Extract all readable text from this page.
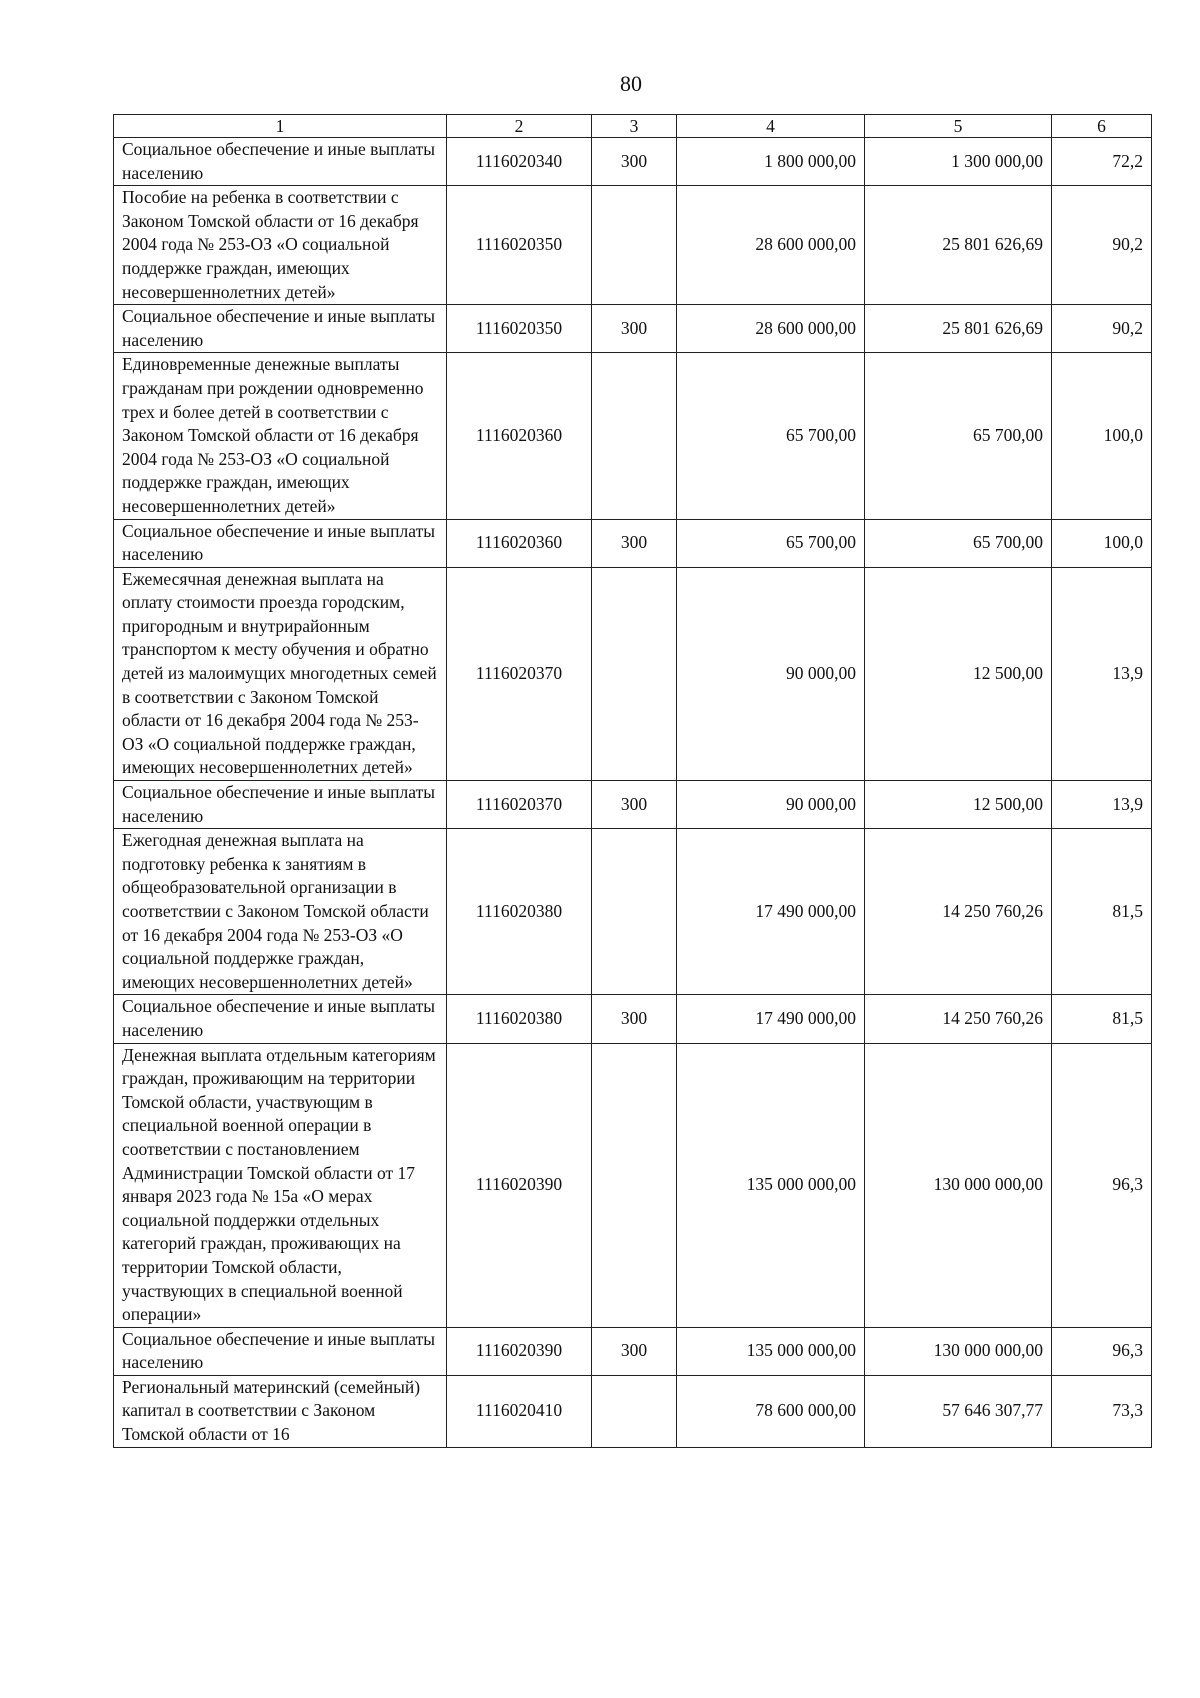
80
1	2	3	4	5	6
Социальное обеспечение и иные выплаты населению	1116020340	300	1 800 000,00	1 300 000,00	72,2
Пособие на ребенка в соответствии с Законом Томской области от 16 декабря 2004 года № 253-ОЗ «О социальной поддержке граждан, имеющих несовершеннолетних детей»	1116020350		28 600 000,00	25 801 626,69	90,2
Социальное обеспечение и иные выплаты населению	1116020350	300	28 600 000,00	25 801 626,69	90,2
Единовременные денежные выплаты гражданам при рождении одновременно трех и более детей в соответствии с Законом Томской области от 16 декабря 2004 года № 253-ОЗ «О социальной поддержке граждан, имеющих несовершеннолетних детей»	1116020360		65 700,00	65 700,00	100,0
Социальное обеспечение и иные выплаты населению	1116020360	300	65 700,00	65 700,00	100,0
Ежемесячная денежная выплата на оплату стоимости проезда городским, пригородным и внутрирайонным транспортом к месту обучения и обратно детей из малоимущих многодетных семей в соответствии с Законом Томской области от 16 декабря 2004 года № 253-ОЗ «О социальной поддержке граждан, имеющих несовершеннолетних детей»	1116020370		90 000,00	12 500,00	13,9
Социальное обеспечение и иные выплаты населению	1116020370	300	90 000,00	12 500,00	13,9
Ежегодная денежная выплата на подготовку ребенка к занятиям в общеобразовательной организации в соответствии с Законом Томской области от 16 декабря 2004 года № 253-ОЗ «О социальной поддержке граждан, имеющих несовершеннолетних детей»	1116020380		17 490 000,00	14 250 760,26	81,5
Социальное обеспечение и иные выплаты населению	1116020380	300	17 490 000,00	14 250 760,26	81,5
Денежная выплата отдельным категориям граждан, проживающим на территории Томской области, участвующим в специальной военной операции в соответствии с постановлением Администрации Томской области от 17 января 2023 года № 15а «О мерах социальной поддержки отдельных категорий граждан, проживающих на территории Томской области, участвующих в специальной военной операции»	1116020390		135 000 000,00	130 000 000,00	96,3
Социальное обеспечение и иные выплаты населению	1116020390	300	135 000 000,00	130 000 000,00	96,3
Региональный материнский (семейный) капитал в соответствии с Законом Томской области от 16	1116020410		78 600 000,00	57 646 307,77	73,3
